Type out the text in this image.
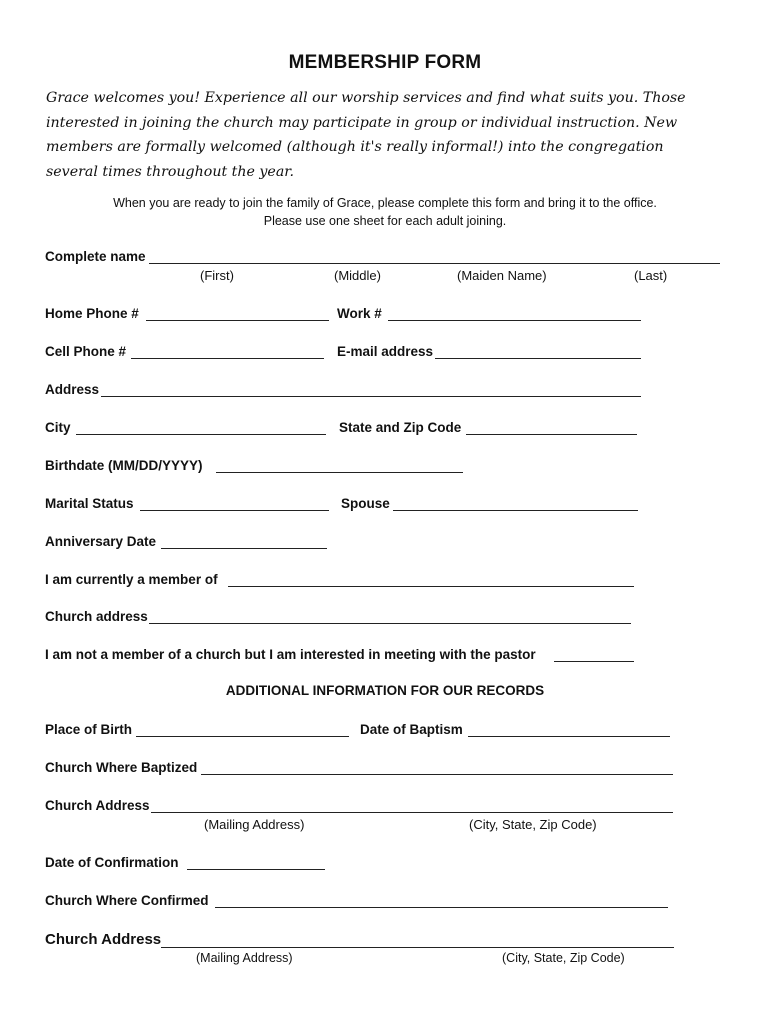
MEMBERSHIP FORM
Grace welcomes you! Experience all our worship services and find what suits you. Those
interested in joining the church may participate in group or individual instruction. New
members are formally welcomed (although it's really informal!) into the congregation
several times throughout the year.
When you are ready to join the family of Grace, please complete this form and bring it to the office.
Please use one sheet for each adult joining.
Complete name
(First)	(Middle)	(Maiden Name)	(Last)
Home Phone #	Work #
Cell Phone #	E-mail address
Address
City	State and Zip Code
Birthdate (MM/DD/YYYY)
Marital Status	Spouse
Anniversary Date
I am currently a member of
Church address
I am not a member of a church but I am interested in meeting with the pastor
ADDITIONAL INFORMATION FOR OUR RECORDS
Place of Birth	Date of Baptism
Church Where Baptized
Church Address
(Mailing Address)	(City, State, Zip Code)
Date of Confirmation
Church Where Confirmed
Church Address
(Mailing Address)	(City, State, Zip Code)
